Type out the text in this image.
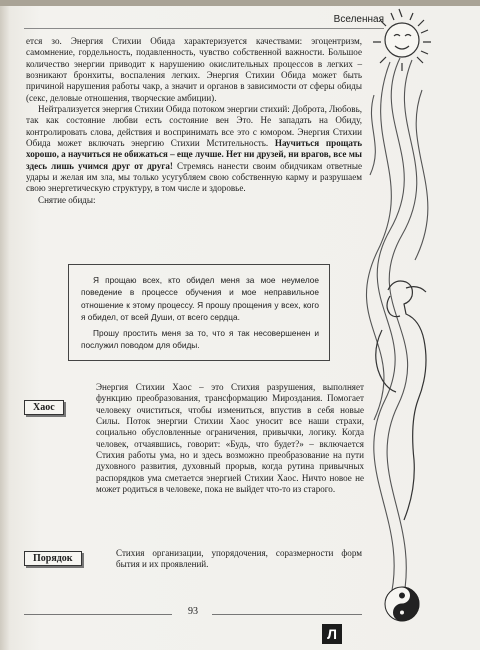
Вселенная

ется зо. Энергия Стихии Обида характеризуется качествами: эгоцентризм, самомнение, гордельность, подавленность, чувство собственной важности. Большое количество энергии приводит к нарушению окислительных процессов в легких – возникают бронхиты, воспаления легких. Энергия Стихии Обида может быть причиной нарушения работы чакр, а значит и органов в зависимости от сферы обиды (секс, деловые отношения, творческие амбиции).

Нейтрализуется энергия Стихии Обида потоком энергии стихий: Доброта, Любовь, так как состояние любви есть состояние вен Это. Не западать на Обиду, контролировать слова, действия и воспринимать все это с юмором. Энергия Стихии Обида может включать энергию Стихии Мстительность. Научиться прощать хорошо, а научиться не обижаться – еще лучше. Нет ни друзей, ни врагов, все мы здесь лишь учимся друг от друга! Стремясь нанести своим обидчикам ответные удары и желая им зла, мы только усугубляем свою собственную карму и разрушаем свою энергетическую структуру, в том числе и здоровье.

Снятие обиды:

Я прощаю всех, кто обидел меня за мое неумелое поведение в процессе обучения и мое неправильное отношение к этому процессу. Я прошу прощения у всех, кого я обидел, от всей Души, от всего сердца.

Прошу простить меня за то, что я так несовершенен и послужил поводом для обиды.

Хаос

Энергия Стихии Хаос – это Стихия разрушения, выполняет функцию преобразования, трансформацию Мироздания. Помогает человеку очиститься, чтобы измениться, впустив в себя новые Силы. Поток энергии Стихии Хаос уносит все наши страхи, социально обусловленные ограничения, привычки, логику. Когда человек, отчаявшись, говорит: «Будь, что будет?» – включается Стихия работы ума, но и здесь возможно преобразование на пути духовного развития, духовный прорыв, когда рутина привычных распорядков ума сметается энергией Стихии Хаос. Ничто новое не может родиться в человеке, пока не выйдет что-то из старого.

Порядок	Стихия организации, упорядочения, соразмерности форм бытия и их проявлений.

93
Л
